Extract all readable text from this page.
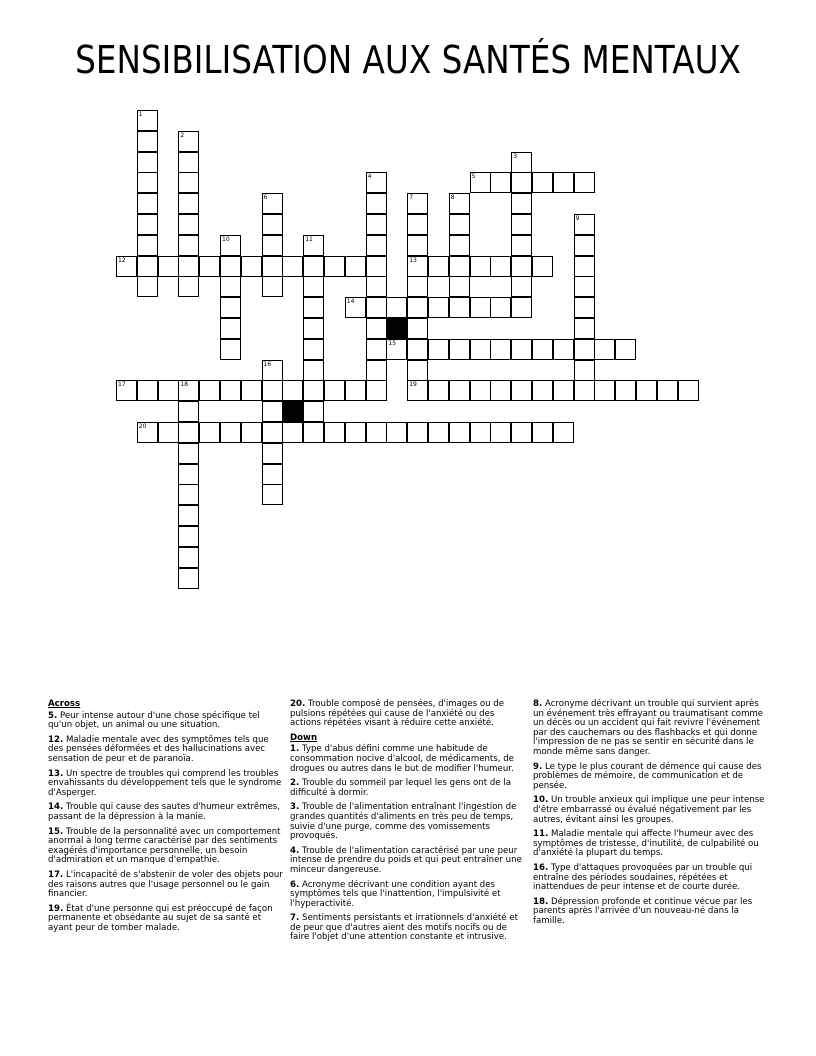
SENSIBILISATION AUX SANTÉS MENTAUX
1
2
3
4	5
6	7
13
8
9
10	11
12
14
15
16
17	18	19
20
Across
5. Peur intense autour d'une chose spécifique tel qu'un objet, un animal ou une situation.
12. Maladie mentale avec des symptômes tels que des pensées déformées et des hallucinations avec sensation de peur et de paranoïa.
13. Un spectre de troubles qui comprend les troubles envahissants du développement tels que le syndrome d'Asperger.
14. Trouble qui cause des sautes d'humeur extrêmes, passant de la dépression à la manie.
15. Trouble de la personnalité avec un comportement anormal à long terme caractérisé par des sentiments exagérés d'importance personnelle, un besoin d'admiration et un manque d'empathie.
17. L'incapacité de s'abstenir de voler des objets pour des raisons autres que l'usage personnel ou le gain financier.
19. État d'une personne qui est préoccupé de façon permanente et obsédante au sujet de sa santé et ayant peur de tomber malade.
20. Trouble composé de pensées, d'images ou de pulsions répétées qui cause de l'anxiété ou des actions répétées visant à réduire cette anxiété.
Down
1. Type d'abus défini comme une habitude de consommation nocive d'alcool, de médicaments, de drogues ou autres dans le but de modifier l'humeur.
2. Trouble du sommeil par lequel les gens ont de la difficulté à dormir.
3. Trouble de l'alimentation entraînant l'ingestion de grandes quantités d'aliments en très peu de temps, suivie d'une purge, comme des vomissements provoqués.
4. Trouble de l'alimentation caractérisé par une peur intense de prendre du poids et qui peut entraîner une minceur dangereuse.
6. Acronyme décrivant une condition ayant des symptômes tels que l'inattention, l'impulsivité et l'hyperactivité.
7. Sentiments persistants et irrationnels d'anxiété et de peur que d'autres aient des motifs nocifs ou de faire l'objet d'une attention constante et intrusive.
8. Acronyme décrivant un trouble qui survient après un événement très effrayant ou traumatisant comme un décès ou un accident qui fait revivre l'événement par des cauchemars ou des flashbacks et qui donne l'impression de ne pas se sentir en sécurité dans le monde même sans danger.
9. Le type le plus courant de démence qui cause des problèmes de mémoire, de communication et de pensée.
10. Un trouble anxieux qui implique une peur intense d'être embarrassé ou évalué négativement par les autres, évitant ainsi les groupes.
11. Maladie mentale qui affecte l'humeur avec des symptômes de tristesse, d'inutilité, de culpabilité ou d'anxiété la plupart du temps.
16. Type d'attaques provoquées par un trouble qui entraîne des périodes soudaines, répétées et inattendues de peur intense et de courte durée.
18. Dépression profonde et continue vécue par les parents après l'arrivée d'un nouveau-né dans la famille.
